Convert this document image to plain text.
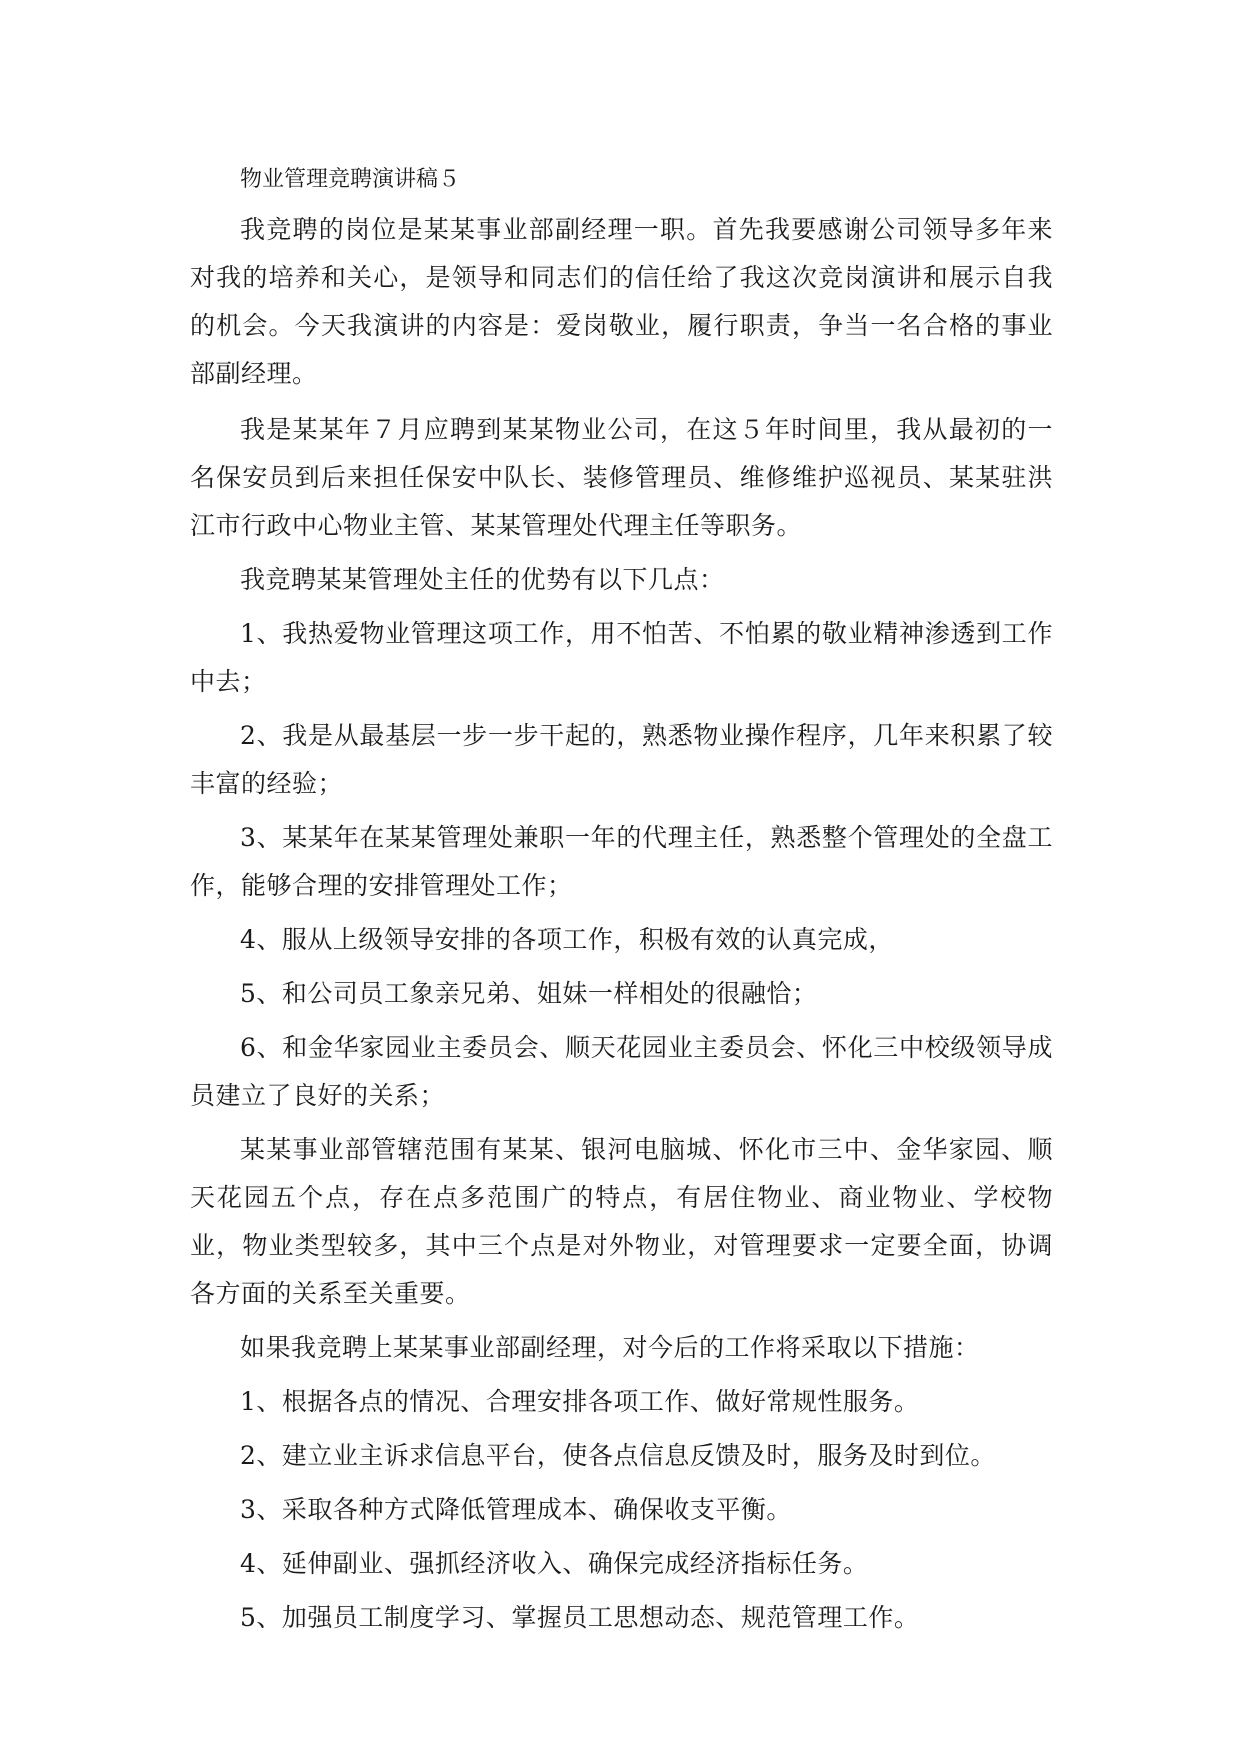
物业管理竞聘演讲稿５

我竞聘的岗位是某某事业部副经理一职。首先我要感谢公司领导多年来对我的培养和关心，是领导和同志们的信任给了我这次竞岗演讲和展示自我的机会。今天我演讲的内容是：爱岗敬业，履行职责，争当一名合格的事业部副经理。

我是某某年７月应聘到某某物业公司，在这５年时间里，我从最初的一名保安员到后来担任保安中队长、装修管理员、维修维护巡视员、某某驻洪江市行政中心物业主管、某某管理处代理主任等职务。

我竞聘某某管理处主任的优势有以下几点：

1、我热爱物业管理这项工作，用不怕苦、不怕累的敬业精神渗透到工作中去；

2、我是从最基层一步一步干起的，熟悉物业操作程序，几年来积累了较丰富的经验；

3、某某年在某某管理处兼职一年的代理主任，熟悉整个管理处的全盘工作，能够合理的安排管理处工作；

4、服从上级领导安排的各项工作，积极有效的认真完成，

5、和公司员工象亲兄弟、姐妹一样相处的很融恰；

6、和金华家园业主委员会、顺天花园业主委员会、怀化三中校级领导成员建立了良好的关系；

某某事业部管辖范围有某某、银河电脑城、怀化市三中、金华家园、顺天花园五个点，存在点多范围广的特点，有居住物业、商业物业、学校物业，物业类型较多，其中三个点是对外物业，对管理要求一定要全面，协调各方面的关系至关重要。

如果我竞聘上某某事业部副经理，对今后的工作将采取以下措施：

1、根据各点的情况、合理安排各项工作、做好常规性服务。

2、建立业主诉求信息平台，使各点信息反馈及时，服务及时到位。

3、采取各种方式降低管理成本、确保收支平衡。

4、延伸副业、强抓经济收入、确保完成经济指标任务。

5、加强员工制度学习、掌握员工思想动态、规范管理工作。
